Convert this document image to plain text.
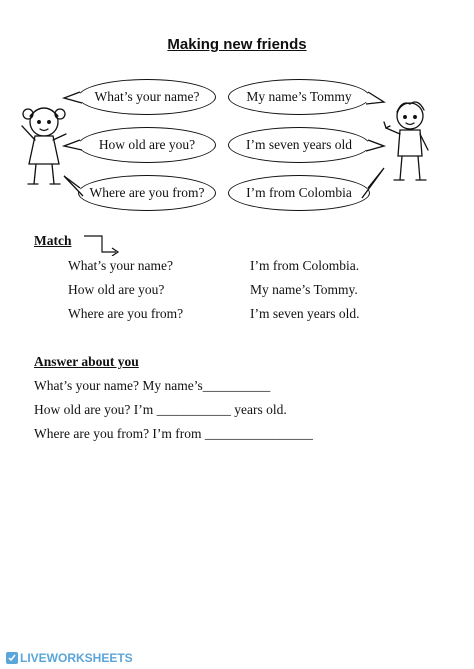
Making new friends
What’s your name?
How old are you?
Where are you from?
My name’s Tommy
I’m seven years old
I’m from Colombia
Match
What’s your name?
How old are you?
Where are you from?
I’m from Colombia.
My name’s Tommy.
I’m seven years old.
Answer about you
What’s your name? My name’s__________
How old are you? I’m ___________ years old.
Where are you from? I’m from ________________
LIVEWORKSHEETS
